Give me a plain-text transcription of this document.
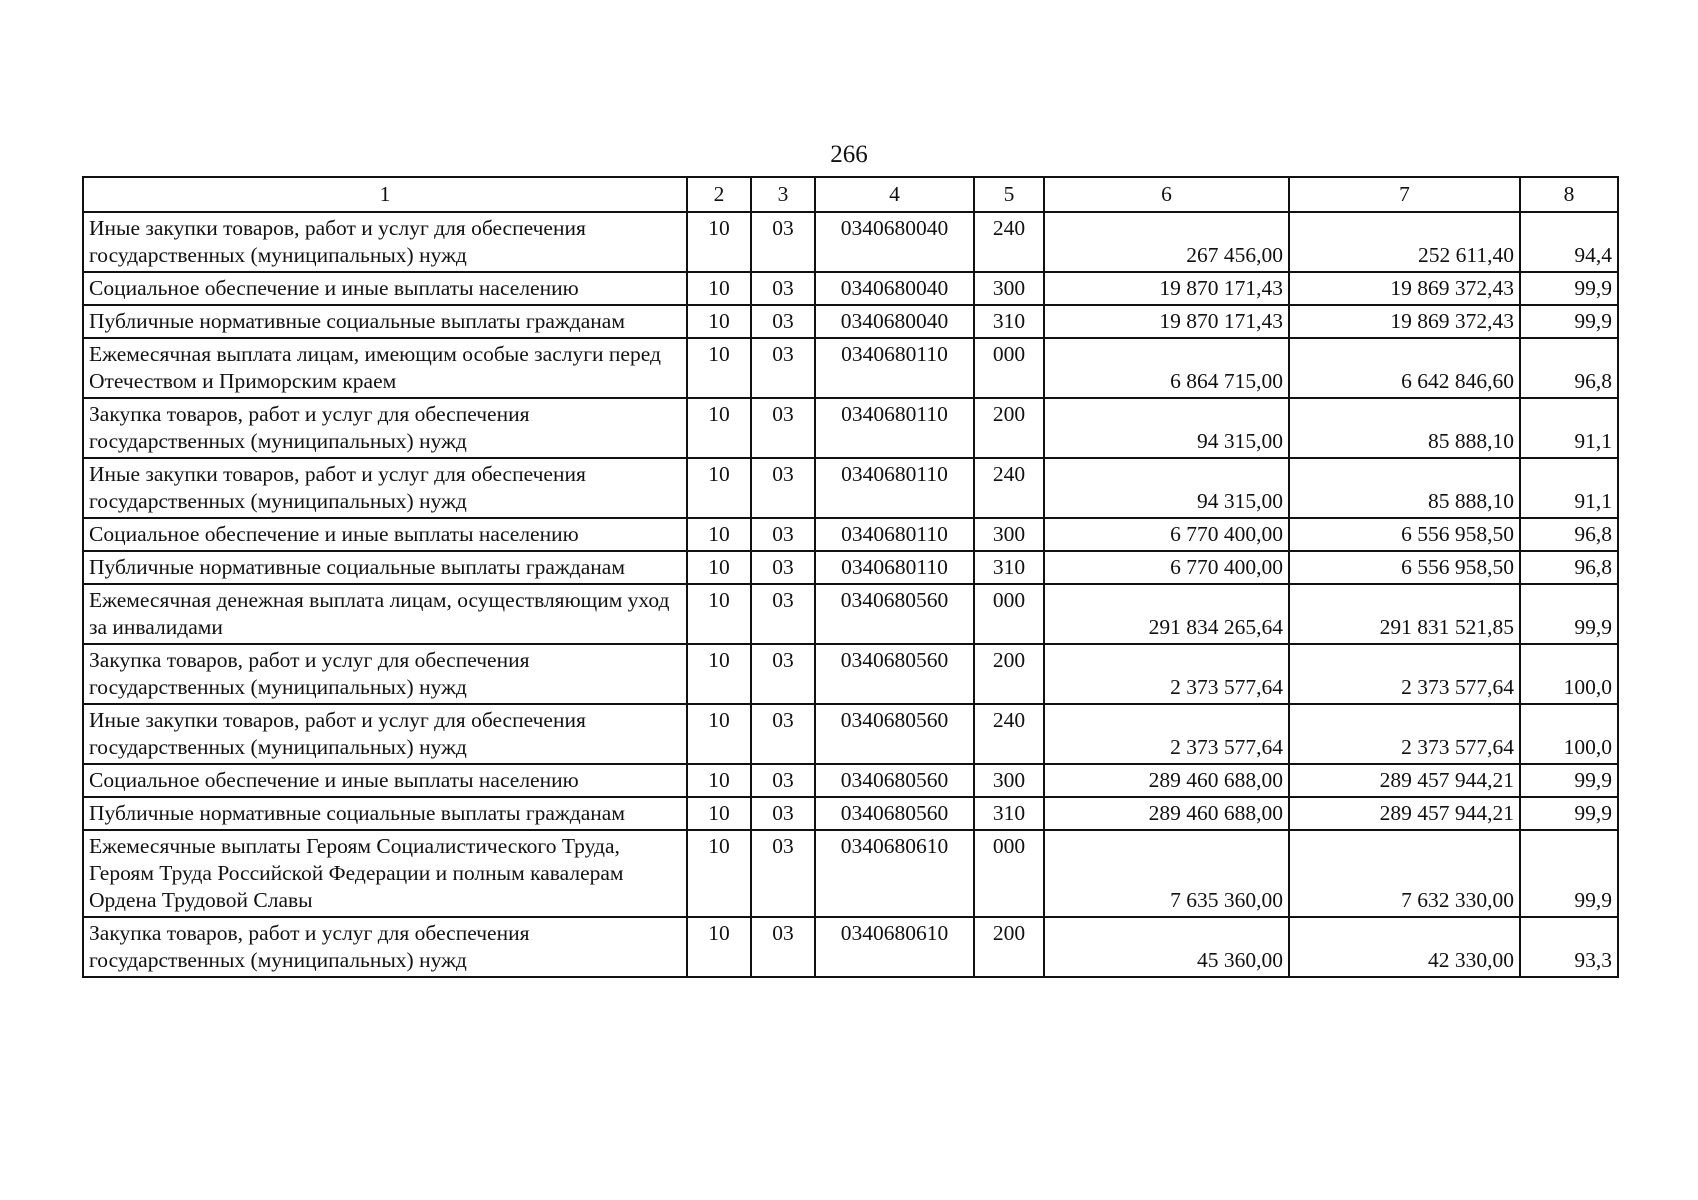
266
1	2	3	4	5	6	7	8
Иные закупки товаров, работ и услуг для обеспечения государственных (муниципальных) нужд	10	03	0340680040	240	267 456,00	252 611,40	94,4
Социальное обеспечение и иные выплаты населению	10	03	0340680040	300	19 870 171,43	19 869 372,43	99,9
Публичные нормативные социальные выплаты гражданам	10	03	0340680040	310	19 870 171,43	19 869 372,43	99,9
Ежемесячная выплата лицам, имеющим особые заслуги перед Отечеством и Приморским краем	10	03	0340680110	000	6 864 715,00	6 642 846,60	96,8
Закупка товаров, работ и услуг для обеспечения государственных (муниципальных) нужд	10	03	0340680110	200	94 315,00	85 888,10	91,1
Иные закупки товаров, работ и услуг для обеспечения государственных (муниципальных) нужд	10	03	0340680110	240	94 315,00	85 888,10	91,1
Социальное обеспечение и иные выплаты населению	10	03	0340680110	300	6 770 400,00	6 556 958,50	96,8
Публичные нормативные социальные выплаты гражданам	10	03	0340680110	310	6 770 400,00	6 556 958,50	96,8
Ежемесячная денежная выплата лицам, осуществляющим уход за инвалидами	10	03	0340680560	000	291 834 265,64	291 831 521,85	99,9
Закупка товаров, работ и услуг для обеспечения государственных (муниципальных) нужд	10	03	0340680560	200	2 373 577,64	2 373 577,64	100,0
Иные закупки товаров, работ и услуг для обеспечения государственных (муниципальных) нужд	10	03	0340680560	240	2 373 577,64	2 373 577,64	100,0
Социальное обеспечение и иные выплаты населению	10	03	0340680560	300	289 460 688,00	289 457 944,21	99,9
Публичные нормативные социальные выплаты гражданам	10	03	0340680560	310	289 460 688,00	289 457 944,21	99,9
Ежемесячные выплаты Героям Социалистического Труда, Героям Труда Российской Федерации и полным кавалерам Ордена Трудовой Славы	10	03	0340680610	000	7 635 360,00	7 632 330,00	99,9
Закупка товаров, работ и услуг для обеспечения государственных (муниципальных) нужд	10	03	0340680610	200	45 360,00	42 330,00	93,3
